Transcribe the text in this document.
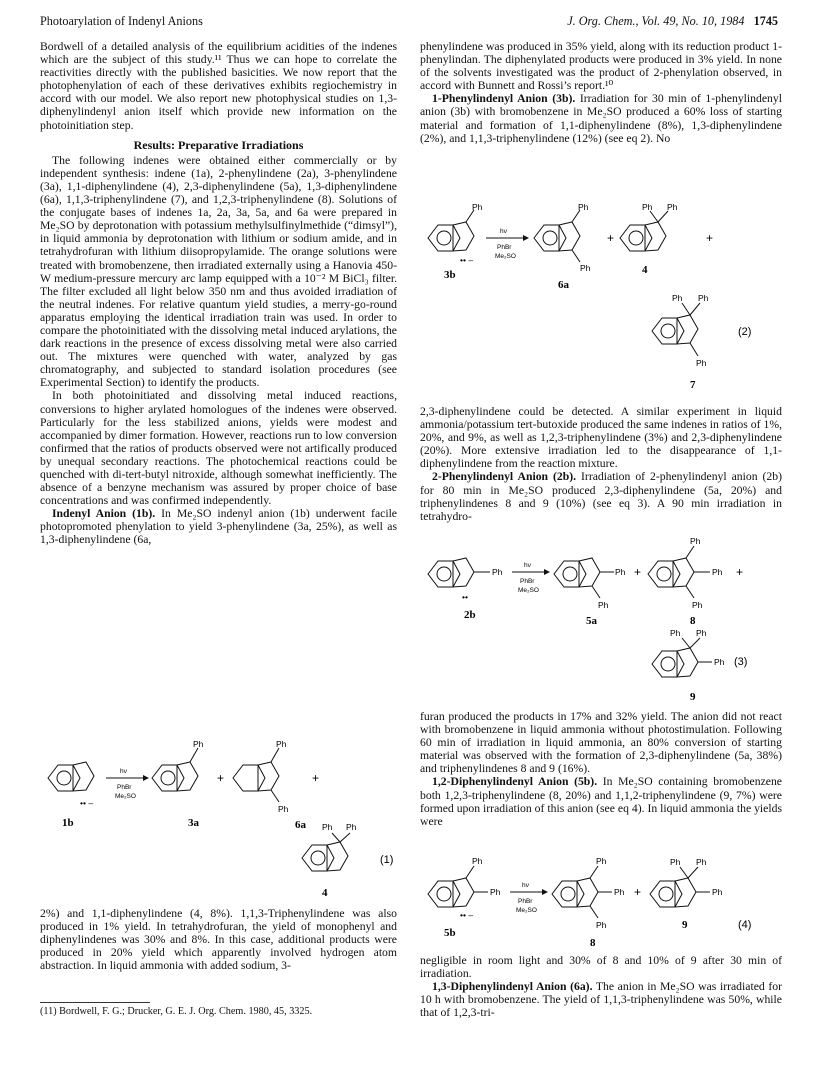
Photoarylation of Indenyl Anions	J. Org. Chem., Vol. 49, No. 10, 1984 1745

Bordwell of a detailed analysis of the equilibrium acidities of the indenes which are the subject of this study.¹¹ Thus we can hope to correlate the reactivities directly with the published basicities. We now report that the photophenylation of each of these derivatives exhibits regiochemistry in accord with our model. We also report new photophysical studies on 1,3-diphenylindenyl anion itself which provide new information on the photoinitiation step.

Results: Preparative Irradiations

The following indenes were obtained either commercially or by independent synthesis: indene (1a), 2-phenylindene (2a), 3-phenylindene (3a), 1,1-diphenylindene (4), 2,3-diphenylindene (5a), 1,3-diphenylindene (6a), 1,1,3-triphenylindene (7), and 1,2,3-triphenylindene (8). Solutions of the conjugate bases of indenes 1a, 2a, 3a, 5a, and 6a were prepared in Me₂SO by deprotonation with potassium methylsulfinylmethide (“dimsyl”), in liquid ammonia by deprotonation with lithium or sodium amide, and in tetrahydrofuran with lithium diisopropylamide. The orange solutions were treated with bromobenzene, then irradiated externally using a Hanovia 450-W medium-pressure mercury arc lamp equipped with a 10⁻² M BiCl₃ filter. The filter excluded all light below 350 nm and thus avoided irradiation of the neutral indenes. For relative quantum yield studies, a merry-go-round apparatus employing the identical irradiation train was used. In order to compare the photoinitiated with the dissolving metal induced arylations, the dark reactions in the presence of excess dissolving metal were also carried out. The mixtures were quenched with water, analyzed by gas chromatography, and subjected to standard isolation procedures (see Experimental Section) to identify the products.

In both photoinitiated and dissolving metal induced reactions, conversions to higher arylated homologues of the indenes were observed. Particularly for the less stabilized anions, yields were modest and accompanied by dimer formation. However, reactions run to low conversion confirmed that the ratios of products observed were not artifically produced by unequal secondary reactions. The photochemical reactions could be quenched with di-tert-butyl nitroxide, although somewhat inefficiently. The absence of a benzyne mechanism was assured by proper choice of base concentrations and was confirmed independently.

Indenyl Anion (1b). In Me₂SO indenyl anion (1b) underwent facile photopromoted phenylation to yield 3-phenylindene (3a, 25%), as well as 1,3-diphenylindene (6a,

•• –
hν
PhBr
Me₂SO
1b
Ph
3a
+
Ph
Ph
6a
+
Ph Ph
(1)
4

2%) and 1,1-diphenylindene (4, 8%). 1,1,3-Triphenylindene was also produced in 1% yield. In tetrahydrofuran, the yield of monophenyl and diphenylindenes was 30% and 8%. In this case, additional products were produced in 20% yield which apparently involved hydrogen atom abstraction. In liquid ammonia with added sodium, 3-

(11) Bordwell, F. G.; Drucker, G. E. J. Org. Chem. 1980, 45, 3325.

phenylindene was produced in 35% yield, along with its reduction product 1-phenylindan. The diphenylated products were produced in 3% yield. In none of the solvents investigated was the product of 2-phenylation observed, in accord with Bunnett and Rossi’s report.¹⁰

1-Phenylindenyl Anion (3b). Irradiation for 30 min of 1-phenylindenyl anion (3b) with bromobenzene in Me₂SO produced a 60% loss of starting material and formation of 1,1-diphenylindene (8%), 1,3-diphenylindene (2%), and 1,1,3-triphenylindene (12%) (see eq 2). No

Ph
•• –
3b
hν
PhBr
Me₂SO
Ph
Ph
6a
+
Ph Ph
4
+
Ph Ph
Ph
(2)
7

2,3-diphenylindene could be detected. A similar experiment in liquid ammonia/potassium tert-butoxide produced the same indenes in ratios of 1%, 20%, and 9%, as well as 1,2,3-triphenylindene (3%) and 2,3-diphenylindene (20%). More extensive irradiation led to the disappearance of 1,1-diphenylindene from the reaction mixture.

2-Phenylindenyl Anion (2b). Irradiation of 2-phenylindenyl anion (2b) for 80 min in Me₂SO produced 2,3-diphenylindene (5a, 20%) and triphenylindenes 8 and 9 (10%) (see eq 3). A 90 min irradiation in tetrahydro-

Ph
••
2b
hν
PhBr
Me₂SO
Ph
Ph
5a
+
Ph
Ph
Ph
+
8
Ph Ph
Ph (3)
9

furan produced the products in 17% and 32% yield. The anion did not react with bromobenzene in liquid ammonia without photostimulation. Following 60 min of irradiation in liquid ammonia, an 80% conversion of starting material was observed with the formation of 2,3-diphenylindene (5a, 38%) and triphenylindenes 8 and 9 (16%).

1,2-Diphenylindenyl Anion (5b). In Me₂SO containing bromobenzene both 1,2,3-triphenylindene (8, 20%) and 1,1,2-triphenylindene (9, 7%) were formed upon irradiation of this anion (see eq 4). In liquid ammonia the yields were

Ph
Ph
•• –
5b
hν
PhBr
Me₂SO
Ph
Ph
Ph
8
+
Ph Ph
Ph
9	(4)

negligible in room light and 30% of 8 and 10% of 9 after 30 min of irradiation.

1,3-Diphenylindenyl Anion (6a). The anion in Me₂SO was irradiated for 10 h with bromobenzene. The yield of 1,1,3-triphenylindene was 50%, while that of 1,2,3-tri-
